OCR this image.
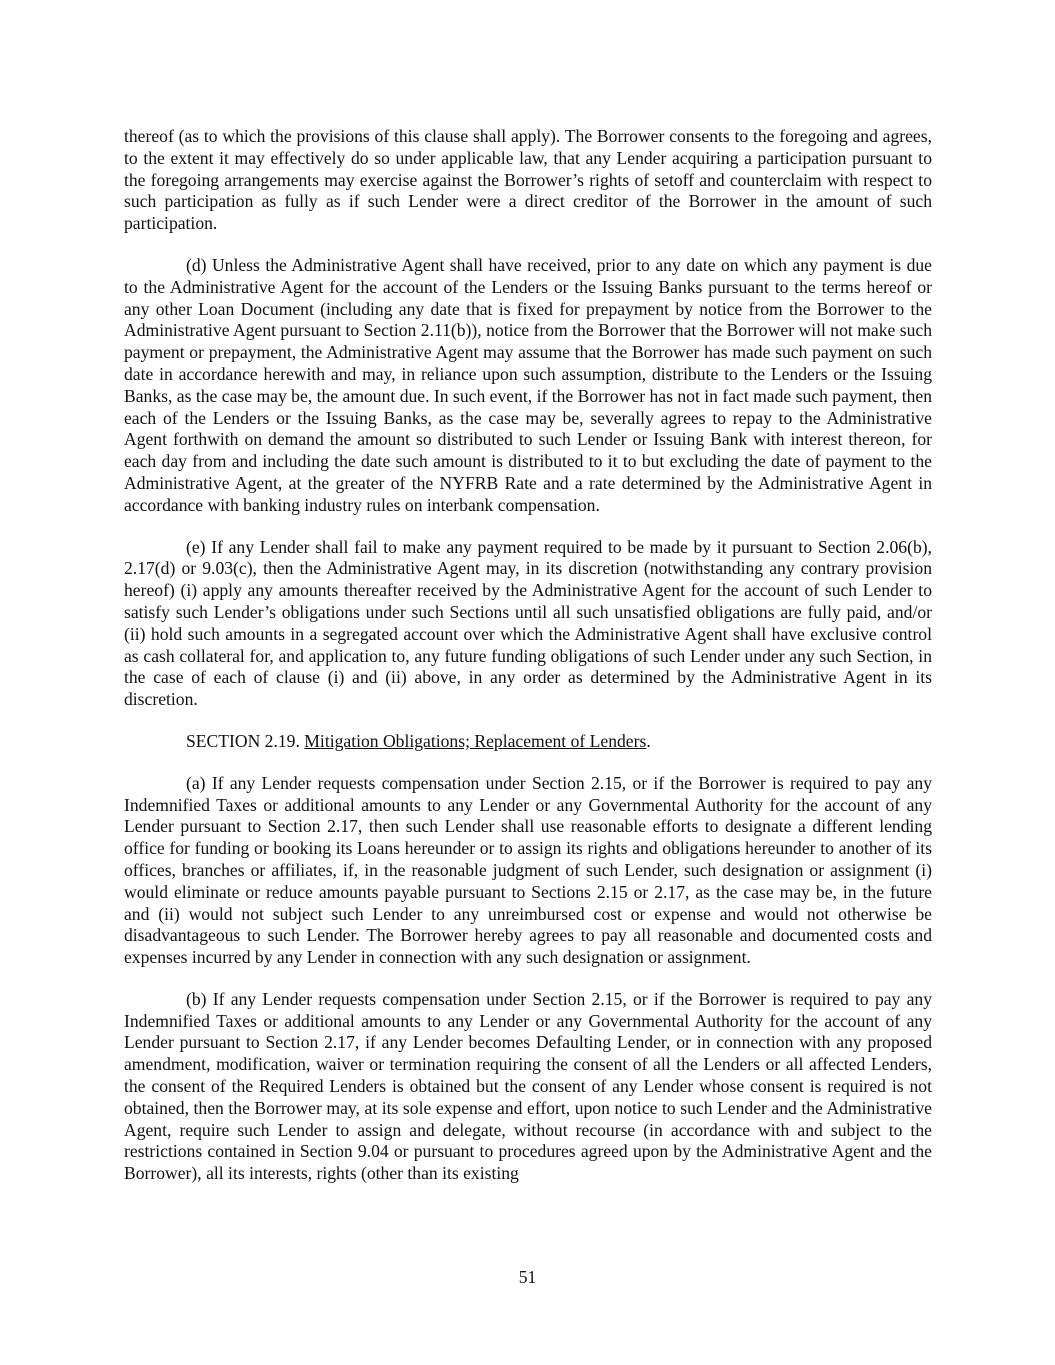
thereof (as to which the provisions of this clause shall apply). The Borrower consents to the foregoing and agrees, to the extent it may effectively do so under applicable law, that any Lender acquiring a participation pursuant to the foregoing arrangements may exercise against the Borrower’s rights of setoff and counterclaim with respect to such participation as fully as if such Lender were a direct creditor of the Borrower in the amount of such participation.

(d) Unless the Administrative Agent shall have received, prior to any date on which any payment is due to the Administrative Agent for the account of the Lenders or the Issuing Banks pursuant to the terms hereof or any other Loan Document (including any date that is fixed for prepayment by notice from the Borrower to the Administrative Agent pursuant to Section 2.11(b)), notice from the Borrower that the Borrower will not make such payment or prepayment, the Administrative Agent may assume that the Borrower has made such payment on such date in accordance herewith and may, in reliance upon such assumption, distribute to the Lenders or the Issuing Banks, as the case may be, the amount due. In such event, if the Borrower has not in fact made such payment, then each of the Lenders or the Issuing Banks, as the case may be, severally agrees to repay to the Administrative Agent forthwith on demand the amount so distributed to such Lender or Issuing Bank with interest thereon, for each day from and including the date such amount is distributed to it to but excluding the date of payment to the Administrative Agent, at the greater of the NYFRB Rate and a rate determined by the Administrative Agent in accordance with banking industry rules on interbank compensation.

(e) If any Lender shall fail to make any payment required to be made by it pursuant to Section 2.06(b), 2.17(d) or 9.03(c), then the Administrative Agent may, in its discretion (notwithstanding any contrary provision hereof) (i) apply any amounts thereafter received by the Administrative Agent for the account of such Lender to satisfy such Lender’s obligations under such Sections until all such unsatisfied obligations are fully paid, and/or (ii) hold such amounts in a segregated account over which the Administrative Agent shall have exclusive control as cash collateral for, and application to, any future funding obligations of such Lender under any such Section, in the case of each of clause (i) and (ii) above, in any order as determined by the Administrative Agent in its discretion.

SECTION 2.19. Mitigation Obligations; Replacement of Lenders.

(a) If any Lender requests compensation under Section 2.15, or if the Borrower is required to pay any Indemnified Taxes or additional amounts to any Lender or any Governmental Authority for the account of any Lender pursuant to Section 2.17, then such Lender shall use reasonable efforts to designate a different lending office for funding or booking its Loans hereunder or to assign its rights and obligations hereunder to another of its offices, branches or affiliates, if, in the reasonable judgment of such Lender, such designation or assignment (i) would eliminate or reduce amounts payable pursuant to Sections 2.15 or 2.17, as the case may be, in the future and (ii) would not subject such Lender to any unreimbursed cost or expense and would not otherwise be disadvantageous to such Lender. The Borrower hereby agrees to pay all reasonable and documented costs and expenses incurred by any Lender in connection with any such designation or assignment.

(b) If any Lender requests compensation under Section 2.15, or if the Borrower is required to pay any Indemnified Taxes or additional amounts to any Lender or any Governmental Authority for the account of any Lender pursuant to Section 2.17, if any Lender becomes Defaulting Lender, or in connection with any proposed amendment, modification, waiver or termination requiring the consent of all the Lenders or all affected Lenders, the consent of the Required Lenders is obtained but the consent of any Lender whose consent is required is not obtained, then the Borrower may, at its sole expense and effort, upon notice to such Lender and the Administrative Agent, require such Lender to assign and delegate, without recourse (in accordance with and subject to the restrictions contained in Section 9.04 or pursuant to procedures agreed upon by the Administrative Agent and the Borrower), all its interests, rights (other than its existing

51
